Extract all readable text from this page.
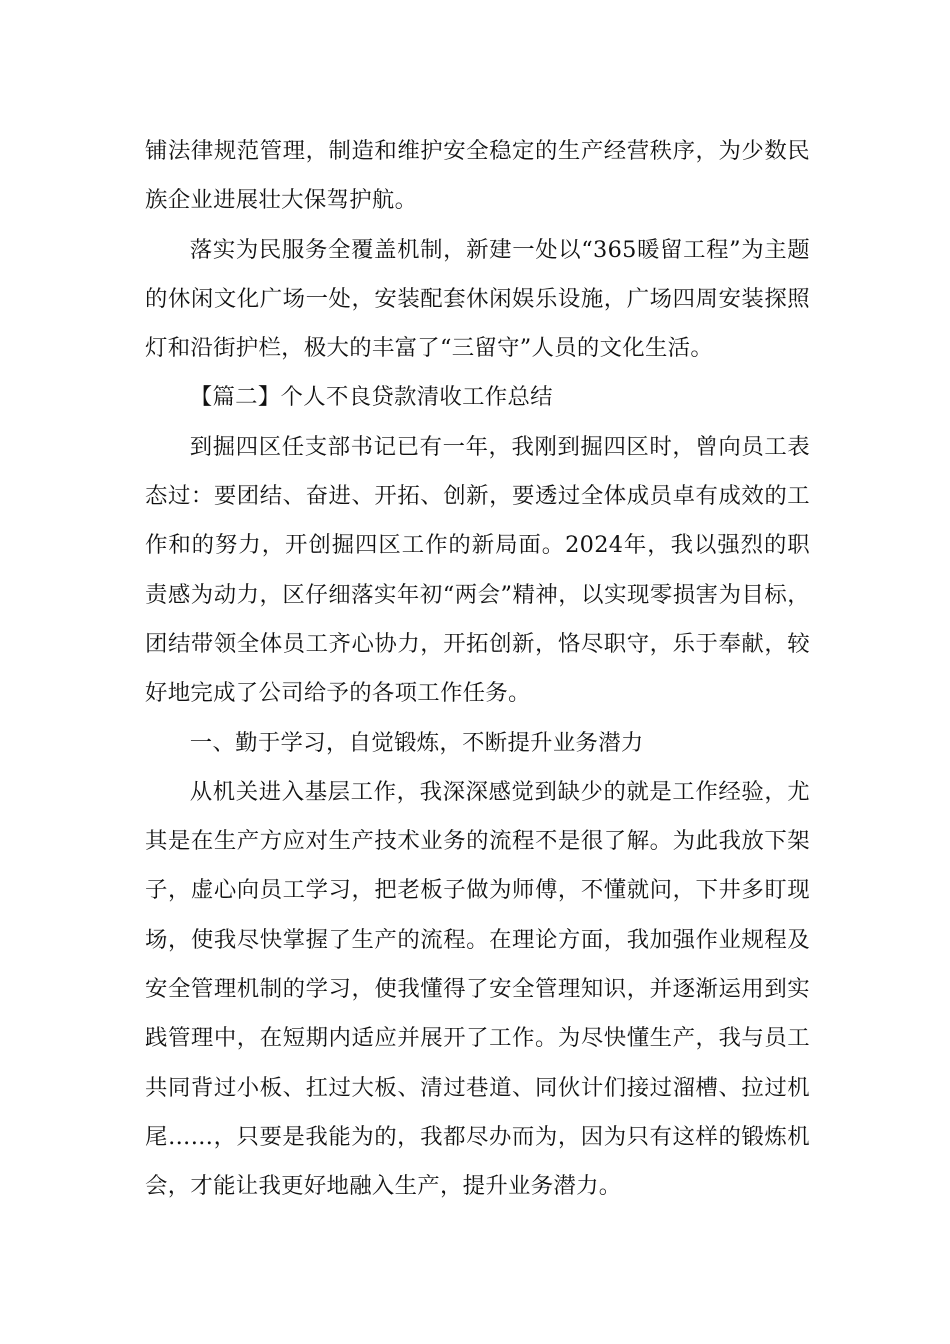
铺法律规范管理，制造和维护安全稳定的生产经营秩序，为少数民族企业进展壮大保驾护航。

落实为民服务全覆盖机制，新建一处以“365暖留工程”为主题的休闲文化广场一处，安装配套休闲娱乐设施，广场四周安装探照灯和沿街护栏，极大的丰富了“三留守”人员的文化生活。

【篇二】个人不良贷款清收工作总结

到掘四区任支部书记已有一年，我刚到掘四区时，曾向员工表态过：要团结、奋进、开拓、创新，要透过全体成员卓有成效的工作和的努力，开创掘四区工作的新局面。2024年，我以强烈的职责感为动力，区仔细落实年初“两会”精神，以实现零损害为目标，团结带领全体员工齐心协力，开拓创新，恪尽职守，乐于奉献，较好地完成了公司给予的各项工作任务。

一、勤于学习，自觉锻炼，不断提升业务潜力

从机关进入基层工作，我深深感觉到缺少的就是工作经验，尤其是在生产方应对生产技术业务的流程不是很了解。为此我放下架子，虚心向员工学习，把老板子做为师傅，不懂就问，下井多盯现场，使我尽快掌握了生产的流程。在理论方面，我加强作业规程及安全管理机制的学习，使我懂得了安全管理知识，并逐渐运用到实践管理中，在短期内适应并展开了工作。为尽快懂生产，我与员工共同背过小板、扛过大板、清过巷道、同伙计们接过溜槽、拉过机尾……，只要是我能为的，我都尽办而为，因为只有这样的锻炼机会，才能让我更好地融入生产，提升业务潜力。
